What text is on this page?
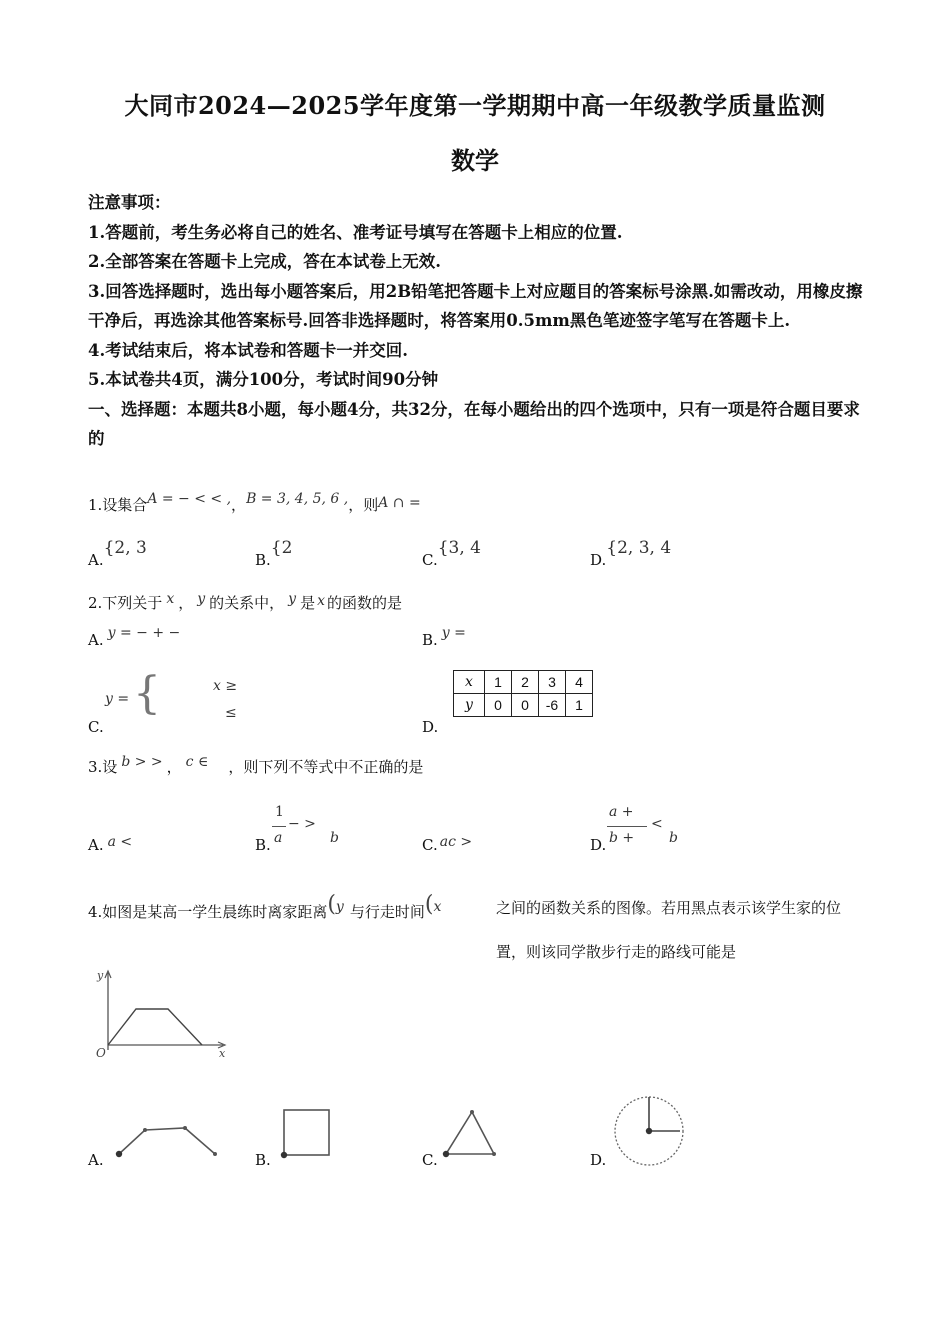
大同市2024—2025学年度第一学期期中高一年级教学质量监测
数学

注意事项：

1.答题前，考生务必将自己的姓名、准考证号填写在答题卡上相应的位置.

2.全部答案在答题卡上完成，答在本试卷上无效.

3.回答选择题时，选出每小题答案后，用2B铅笔把答题卡上对应题目的答案标号涂黑.如需改动，用橡皮擦干净后，再选涂其他答案标号.回答非选择题时，将答案用0.5mm黑色笔迹签字笔写在答题卡上.

4.考试结束后，将本试卷和答题卡一并交回.

5.本试卷共4页，满分100分，考试时间90分钟

一、选择题：本题共8小题，每小题4分，共32分，在每小题给出的四个选项中，只有一项是符合题目要求的

1.设集合A = − < < ,，B = 3, 4, 5, 6 ,，则A ∩ =
A.{2, 3
B.{2
C.{3, 4
D.{2, 3, 4
2.下列关于 x ， y 的关系中， y 是 x 的函数的是
A. y = − + −	B. y =
C.
y = {	x ≥
≤
D.
x	1	2	3	4
y	0	0	-6	1
3.设 b > > ， c ∈ ，则下列不等式中不正确的是
A. a <	B.
1
a
− >
b	C. ac >	D.
a +
b +
<
b
4.如图是某高一学生晨练时离家距离(y 与行走时间(x	之间的函数关系的图像。若用黑点表示该学生家的位置，则该同学散步行走的路线可能是
y
x
O
A.	B.	C.	D.
